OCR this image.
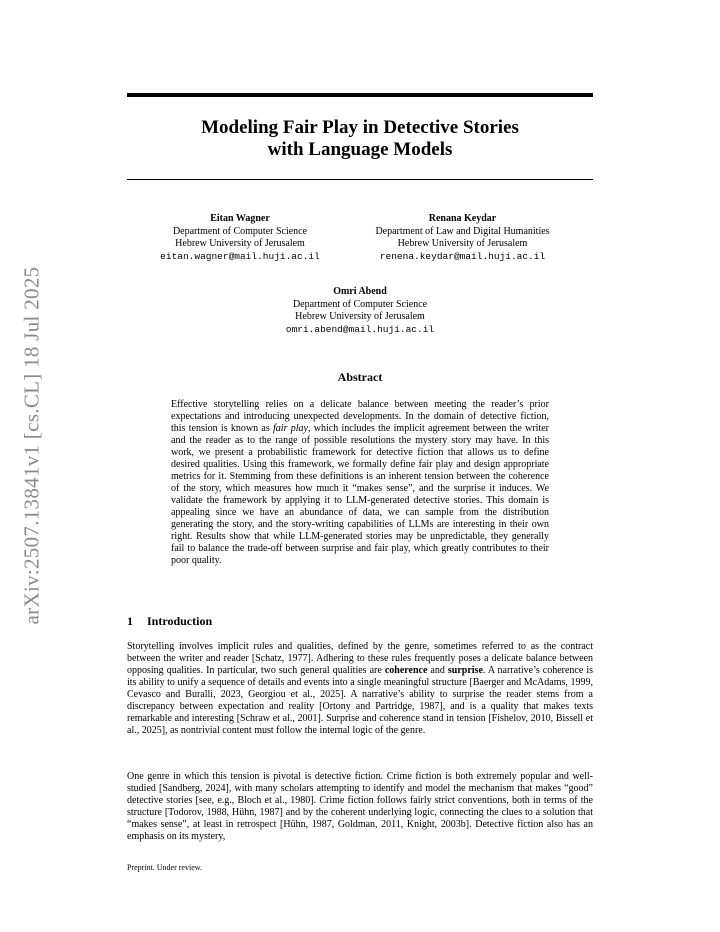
arXiv:2507.13841v1 [cs.CL] 18 Jul 2025
Modeling Fair Play in Detective Stories
with Language Models
Eitan Wagner
Department of Computer Science
Hebrew University of Jerusalem
eitan.wagner@mail.huji.ac.il
Renana Keydar
Department of Law and Digital Humanities
Hebrew University of Jerusalem
renena.keydar@mail.huji.ac.il
Omri Abend
Department of Computer Science
Hebrew University of Jerusalem
omri.abend@mail.huji.ac.il
Abstract

Effective storytelling relies on a delicate balance between meeting the reader’s prior expectations and introducing unexpected developments. In the domain of detective fiction, this tension is known as fair play, which includes the implicit agreement between the writer and the reader as to the range of possible resolutions the mystery story may have. In this work, we present a probabilistic framework for detective fiction that allows us to define desired qualities. Using this framework, we formally define fair play and design appropriate metrics for it. Stemming from these definitions is an inherent tension between the coherence of the story, which measures how much it “makes sense”, and the surprise it induces. We validate the framework by applying it to LLM-generated detective stories. This domain is appealing since we have an abundance of data, we can sample from the distribution generating the story, and the story-writing capabilities of LLMs are interesting in their own right. Results show that while LLM-generated stories may be unpredictable, they generally fail to balance the trade-off between surprise and fair play, which greatly contributes to their poor quality.

1 Introduction

Storytelling involves implicit rules and qualities, defined by the genre, sometimes referred to as the contract between the writer and reader [Schatz, 1977]. Adhering to these rules frequently poses a delicate balance between opposing qualities. In particular, two such general qualities are coherence and surprise. A narrative’s coherence is its ability to unify a sequence of details and events into a single meaningful structure [Baerger and McAdams, 1999, Cevasco and Buralli, 2023, Georgiou et al., 2025]. A narrative’s ability to surprise the reader stems from a discrepancy between expectation and reality [Ortony and Partridge, 1987], and is a quality that makes texts remarkable and interesting [Schraw et al., 2001]. Surprise and coherence stand in tension [Fishelov, 2010, Bissell et al., 2025], as nontrivial content must follow the internal logic of the genre.

One genre in which this tension is pivotal is detective fiction. Crime fiction is both extremely popular and well-studied [Sandberg, 2024], with many scholars attempting to identify and model the mechanism that makes “good” detective stories [see, e.g., Bloch et al., 1980]. Crime fiction follows fairly strict conventions, both in terms of the structure [Todorov, 1988, Hühn, 1987] and by the coherent underlying logic, connecting the clues to a solution that “makes sense”, at least in retrospect [Hühn, 1987, Goldman, 2011, Knight, 2003b]. Detective fiction also has an emphasis on its mystery,

Preprint. Under review.
